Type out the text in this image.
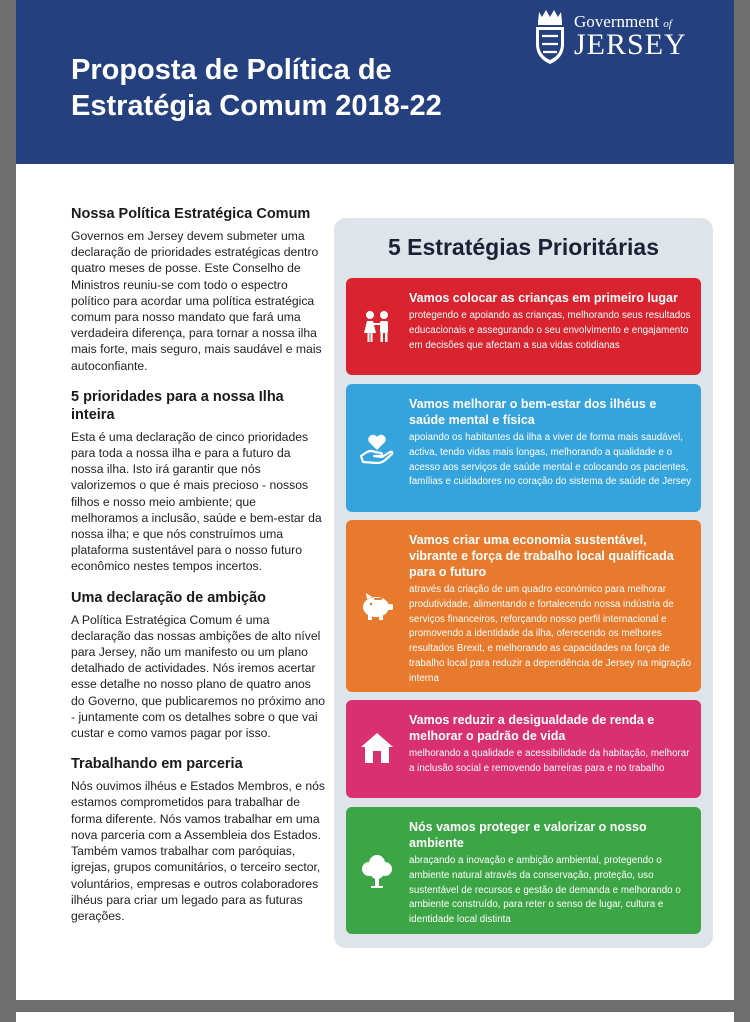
Proposta de Política de
Estratégia Comum 2018-22
Government of
JERSEY
Nossa Política Estratégica Comum

Governos em Jersey devem submeter uma declaração de prioridades estratégicas dentro quatro meses de posse. Este Conselho de Ministros reuniu-se com todo o espectro político para acordar uma política estratégica comum para nosso mandato que fará uma verdadeira diferença, para tornar a nossa ilha mais forte, mais seguro, mais saudável e mais autoconfiante.

5 prioridades para a nossa Ilha inteira

Esta é uma declaração de cinco prioridades para toda a nossa ilha e para a futuro da nossa ilha. Isto irá garantir que nós valorizemos o que é mais precioso - nossos filhos e nosso meio ambiente; que melhoramos a inclusão, saúde e bem-estar da nossa ilha; e que nós construímos uma plataforma sustentável para o nosso futuro econômico nestes tempos incertos.

Uma declaração de ambição

A Política Estratégica Comum é uma declaração das nossas ambições de alto nível para Jersey, não um manifesto ou um plano detalhado de actividades. Nós iremos acertar esse detalhe no nosso plano de quatro anos do Governo, que publicaremos no próximo ano - juntamente com os detalhes sobre o que vai custar e como vamos pagar por isso.

Trabalhando em parceria

Nós ouvimos ilhéus e Estados Membros, e nós estamos comprometidos para trabalhar de forma diferente. Nós vamos trabalhar em uma nova parceria com a Assembleia dos Estados. Também vamos trabalhar com paróquias, igrejas, grupos comunitários, o terceiro sector, voluntários, empresas e outros colaboradores ilhéus para criar um legado para as futuras gerações.

5 Estratégias Prioritárias
Vamos colocar as crianças em primeiro lugar
protegendo e apoiando as crianças, melhorando seus resultados educacionais e assegurando o seu envolvimento e engajamento em decisões que afectam a sua vidas cotidianas
Vamos melhorar o bem-estar dos ilhéus e saúde mental e física
apoiando os habitantes da ilha a viver de forma mais saudável, activa, tendo vidas mais longas, melhorando a qualidade e o acesso aos serviços de saúde mental e colocando os pacientes, famílias e cuidadores no coração do sistema de saúde de Jersey
Vamos criar uma economia sustentável, vibrante e força de trabalho local qualificada para o futuro
através da criação de um quadro económico para melhorar produtividade, alimentando e fortalecendo nossa indústria de serviços financeiros, reforçando nosso perfil internacional e promovendo a identidade da ilha, oferecendo os melhores resultados Brexit, e melhorando as capacidades na força de trabalho local para reduzir a dependência de Jersey na migração interna
Vamos reduzir a desigualdade de renda e melhorar o padrão de vida
melhorando a qualidade e acessibilidade da habitação, melhorar a inclusão social e removendo barreiras para e no trabalho
Nós vamos proteger e valorizar o nosso ambiente
abraçando a inovação e ambição ambiental, protegendo o ambiente natural através da conservação, proteção, uso sustentável de recursos e gestão de demanda e melhorando o ambiente construído, para reter o senso de lugar, cultura e identidade local distinta
